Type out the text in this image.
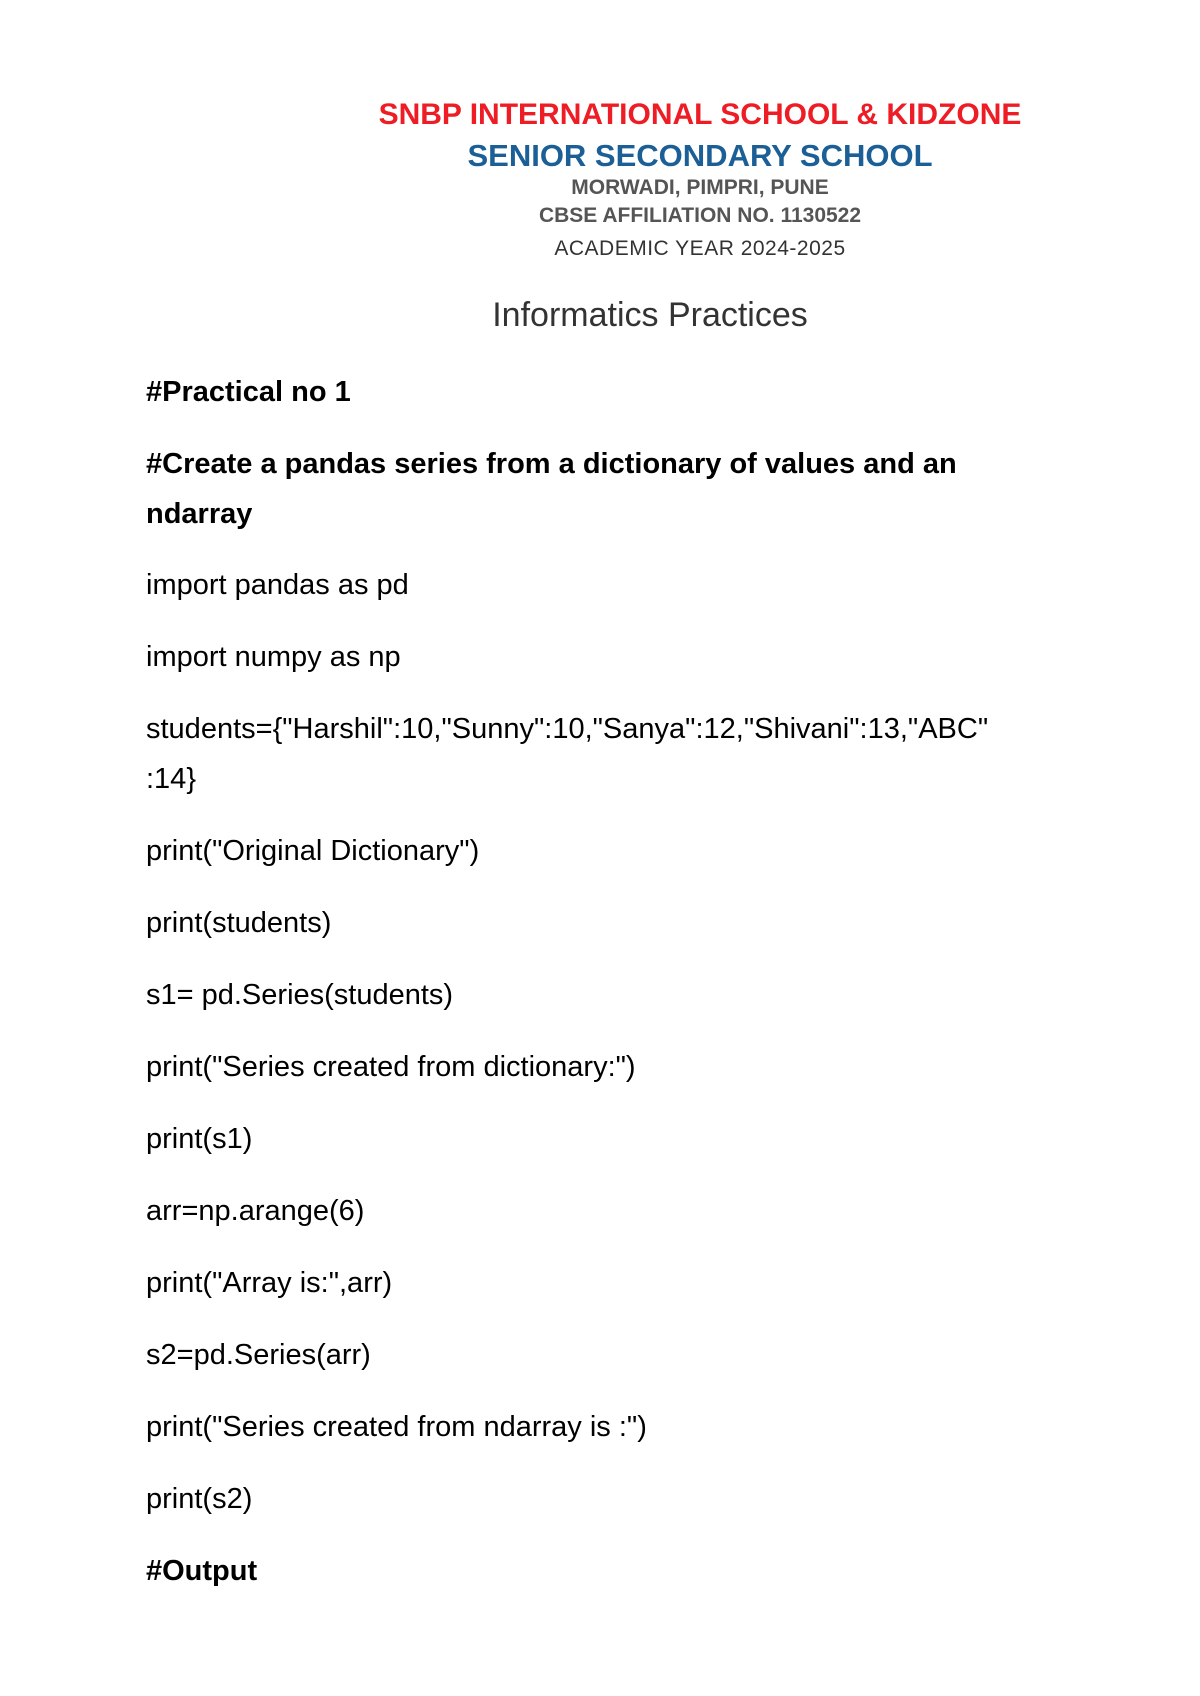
SNBP INTERNATIONAL SCHOOL & KIDZONE
SENIOR SECONDARY SCHOOL
MORWADI, PIMPRI, PUNE
CBSE AFFILIATION NO. 1130522
ACADEMIC YEAR 2024-2025
Informatics Practices
#Practical no 1
#Create a pandas series from a dictionary of values and an
ndarray
import pandas as pd
import numpy as np
students={"Harshil":10,"Sunny":10,"Sanya":12,"Shivani":13,"ABC"
:14}
print("Original Dictionary")
print(students)
s1= pd.Series(students)
print("Series created from dictionary:")
print(s1)
arr=np.arange(6)
print("Array is:",arr)
s2=pd.Series(arr)
print("Series created from ndarray is :")
print(s2)
#Output
